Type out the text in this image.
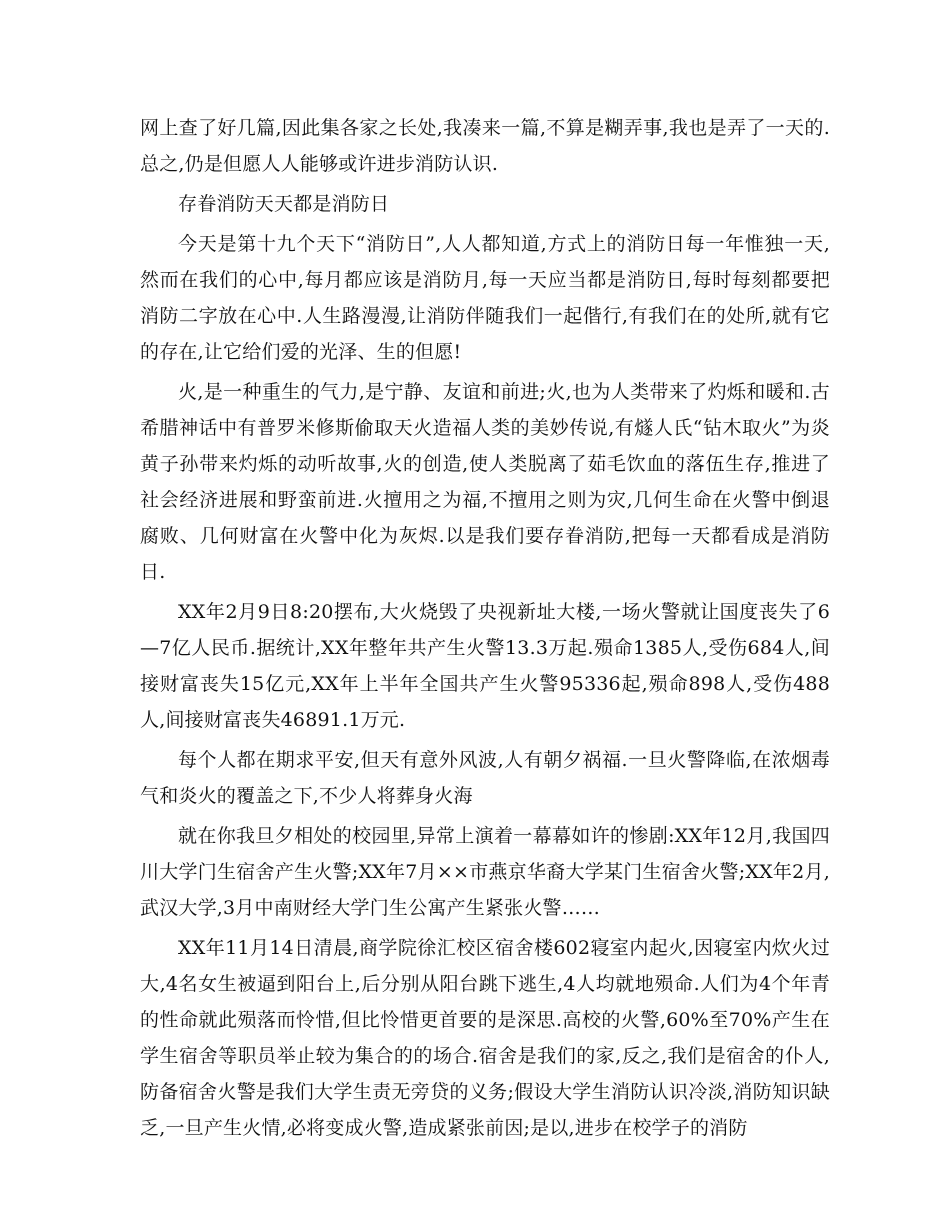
网上查了好几篇,因此集各家之长处,我凑来一篇,不算是糊弄事,我也是弄了一天的.总之,仍是但愿人人能够或许进步消防认识.

存眷消防天天都是消防日

今天是第十九个天下“消防日”,人人都知道,方式上的消防日每一年惟独一天,然而在我们的心中,每月都应该是消防月,每一天应当都是消防日,每时每刻都要把消防二字放在心中.人生路漫漫,让消防伴随我们一起偕行,有我们在的处所,就有它的存在,让它给们爱的光泽、生的但愿!

火,是一种重生的气力,是宁静、友谊和前进;火,也为人类带来了灼烁和暖和.古希腊神话中有普罗米修斯偷取天火造福人类的美妙传说,有燧人氏“钻木取火”为炎黄子孙带来灼烁的动听故事,火的创造,使人类脱离了茹毛饮血的落伍生存,推进了社会经济进展和野蛮前进.火擅用之为福,不擅用之则为灾,几何生命在火警中倒退腐败、几何财富在火警中化为灰烬.以是我们要存眷消防,把每一天都看成是消防日.

XX年2月9日8:20摆布,大火烧毁了央视新址大楼,一场火警就让国度丧失了6—7亿人民币.据统计,XX年整年共产生火警13.3万起.殒命1385人,受伤684人,间接财富丧失15亿元,XX年上半年全国共产生火警95336起,殒命898人,受伤488人,间接财富丧失46891.1万元.

每个人都在期求平安,但天有意外风波,人有朝夕祸福.一旦火警降临,在浓烟毒气和炎火的覆盖之下,不少人将葬身火海

就在你我旦夕相处的校园里,异常上演着一幕幕如许的惨剧:XX年12月,我国四川大学门生宿舍产生火警;XX年7月××市燕京华裔大学某门生宿舍火警;XX年2月,武汉大学,3月中南财经大学门生公寓产生紧张火警……

XX年11月14日清晨,商学院徐汇校区宿舍楼602寝室内起火,因寝室内炊火过大,4名女生被逼到阳台上,后分别从阳台跳下逃生,4人均就地殒命.人们为4个年青的性命就此殒落而怜惜,但比怜惜更首要的是深思.高校的火警,60%至70%产生在学生宿舍等职员举止较为集合的的场合.宿舍是我们的家,反之,我们是宿舍的仆人,防备宿舍火警是我们大学生责无旁贷的义务;假设大学生消防认识冷淡,消防知识缺乏,一旦产生火情,必将变成火警,造成紧张前因;是以,进步在校学子的消防
